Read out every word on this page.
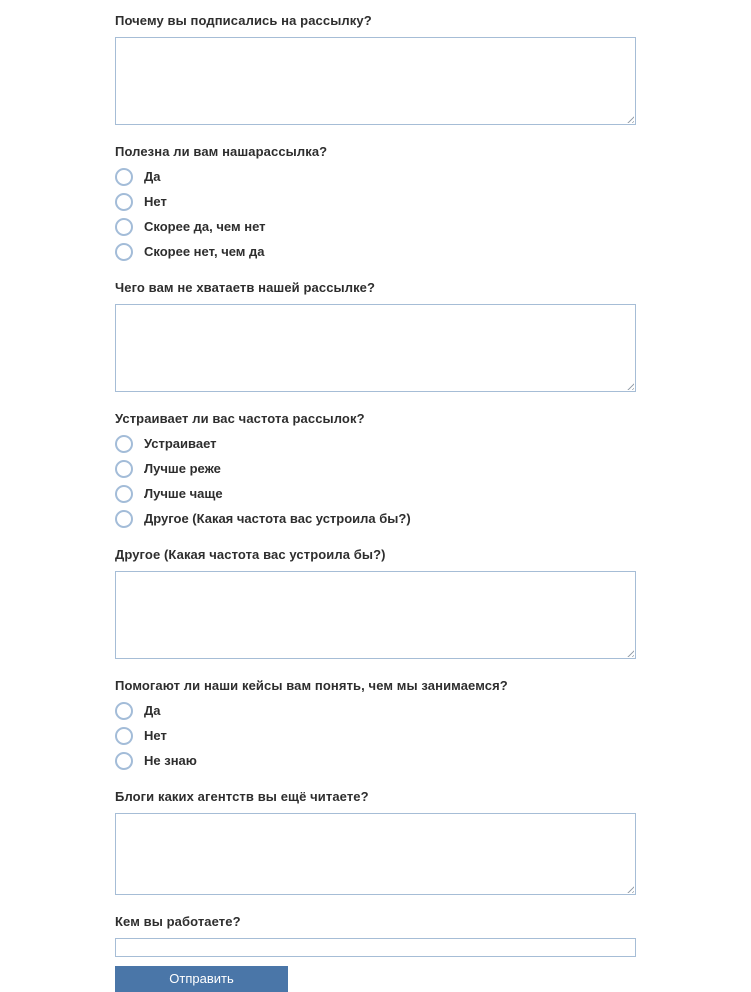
Почему вы подписались на рассылку?
Полезна ли вам нашарассылка?
Да
Нет
Скорее да, чем нет
Скорее нет, чем да
Чего вам не хватаетв нашей рассылке?
Устраивает ли вас частота рассылок?
Устраивает
Лучше реже
Лучше чаще
Другое (Какая частота вас устроила бы?)
Другое (Какая частота вас устроила бы?)
Помогают ли наши кейсы вам понять, чем мы занимаемся?
Да
Нет
Не знаю
Блоги каких агентств вы ещё читаете?
Кем вы работаете?
Отправить
